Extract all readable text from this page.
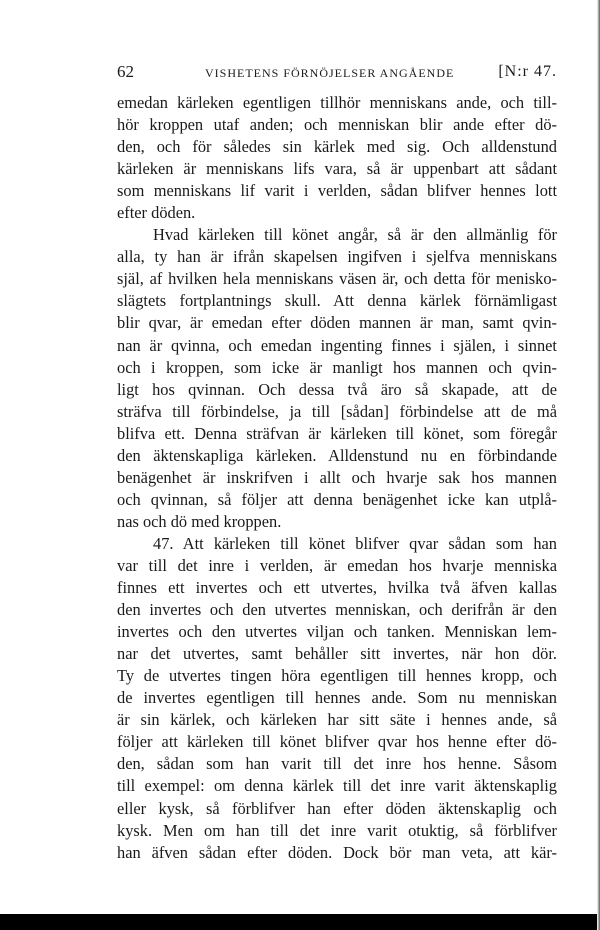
62	VISHETENS FÖRNÖJELSER ANGÅENDE	[N:r 47.
emedan kärleken egentligen tillhör menniskans ande, och till-
hör kroppen utaf anden; och menniskan blir ande efter dö-
den, och för således sin kärlek med sig. Och alldenstund
kärleken är menniskans lifs vara, så är uppenbart att sådant
som menniskans lif varit i verlden, sådan blifver hennes lott
efter döden.
Hvad kärleken till könet angår, så är den allmänlig för
alla, ty han är ifrån skapelsen ingifven i sjelfva menniskans
själ, af hvilken hela menniskans väsen är, och detta för menisko-
slägtets fortplantnings skull. Att denna kärlek förnämligast
blir qvar, är emedan efter döden mannen är man, samt qvin-
nan är qvinna, och emedan ingenting finnes i själen, i sinnet
och i kroppen, som icke är manligt hos mannen och qvin-
ligt hos qvinnan. Och dessa två äro så skapade, att de
sträfva till förbindelse, ja till [sådan] förbindelse att de må
blifva ett. Denna sträfvan är kärleken till könet, som föregår
den äktenskapliga kärleken. Alldenstund nu en förbindande
benägenhet är inskrifven i allt och hvarje sak hos mannen
och qvinnan, så följer att denna benägenhet icke kan utplå-
nas och dö med kroppen.
47. Att kärleken till könet blifver qvar sådan som han
var till det inre i verlden, är emedan hos hvarje menniska
finnes ett invertes och ett utvertes, hvilka två äfven kallas
den invertes och den utvertes menniskan, och derifrån är den
invertes och den utvertes viljan och tanken. Menniskan lem-
nar det utvertes, samt behåller sitt invertes, när hon dör.
Ty de utvertes tingen höra egentligen till hennes kropp, och
de invertes egentligen till hennes ande. Som nu menniskan
är sin kärlek, och kärleken har sitt säte i hennes ande, så
följer att kärleken till könet blifver qvar hos henne efter dö-
den, sådan som han varit till det inre hos henne. Såsom
till exempel: om denna kärlek till det inre varit äktenskaplig
eller kysk, så förblifver han efter döden äktenskaplig och
kysk. Men om han till det inre varit otuktig, så förblifver
han äfven sådan efter döden. Dock bör man veta, att kär-
